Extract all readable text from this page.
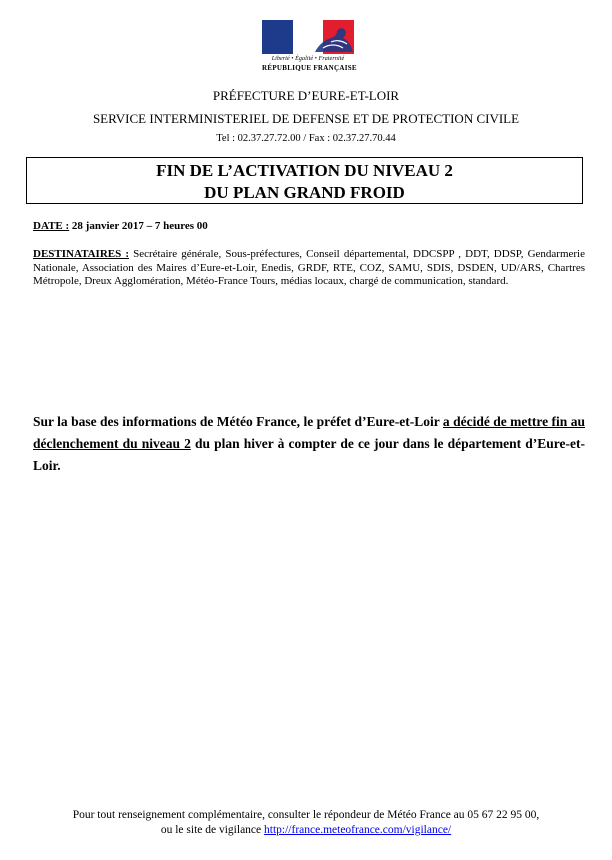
Liberté • Égalité • Fraternité
RÉPUBLIQUE FRANÇAISE
PRÉFECTURE D’EURE-ET-LOIR
SERVICE INTERMINISTERIEL DE DEFENSE ET DE PROTECTION CIVILE
Tel : 02.37.27.72.00 / Fax : 02.37.27.70.44
FIN DE L’ACTIVATION DU NIVEAU 2
DU PLAN GRAND FROID
DATE : 28 janvier 2017 – 7 heures 00
DESTINATAIRES : Secrétaire générale, Sous-préfectures, Conseil départemental, DDCSPP , DDT, DDSP, Gendarmerie Nationale, Association des Maires d’Eure-et-Loir, Enedis, GRDF, RTE, COZ, SAMU, SDIS, DSDEN, UD/ARS, Chartres Métropole, Dreux Agglomération, Météo-France Tours, médias locaux, chargé de communication, standard.
Sur la base des informations de Météo France, le préfet d’Eure-et-Loir a décidé de mettre fin au déclenchement du niveau 2 du plan hiver à compter de ce jour dans le département d’Eure-et-Loir.
Pour tout renseignement complémentaire, consulter le répondeur de Météo France au 05 67 22 95 00,
ou le site de vigilance http://france.meteofrance.com/vigilance/
